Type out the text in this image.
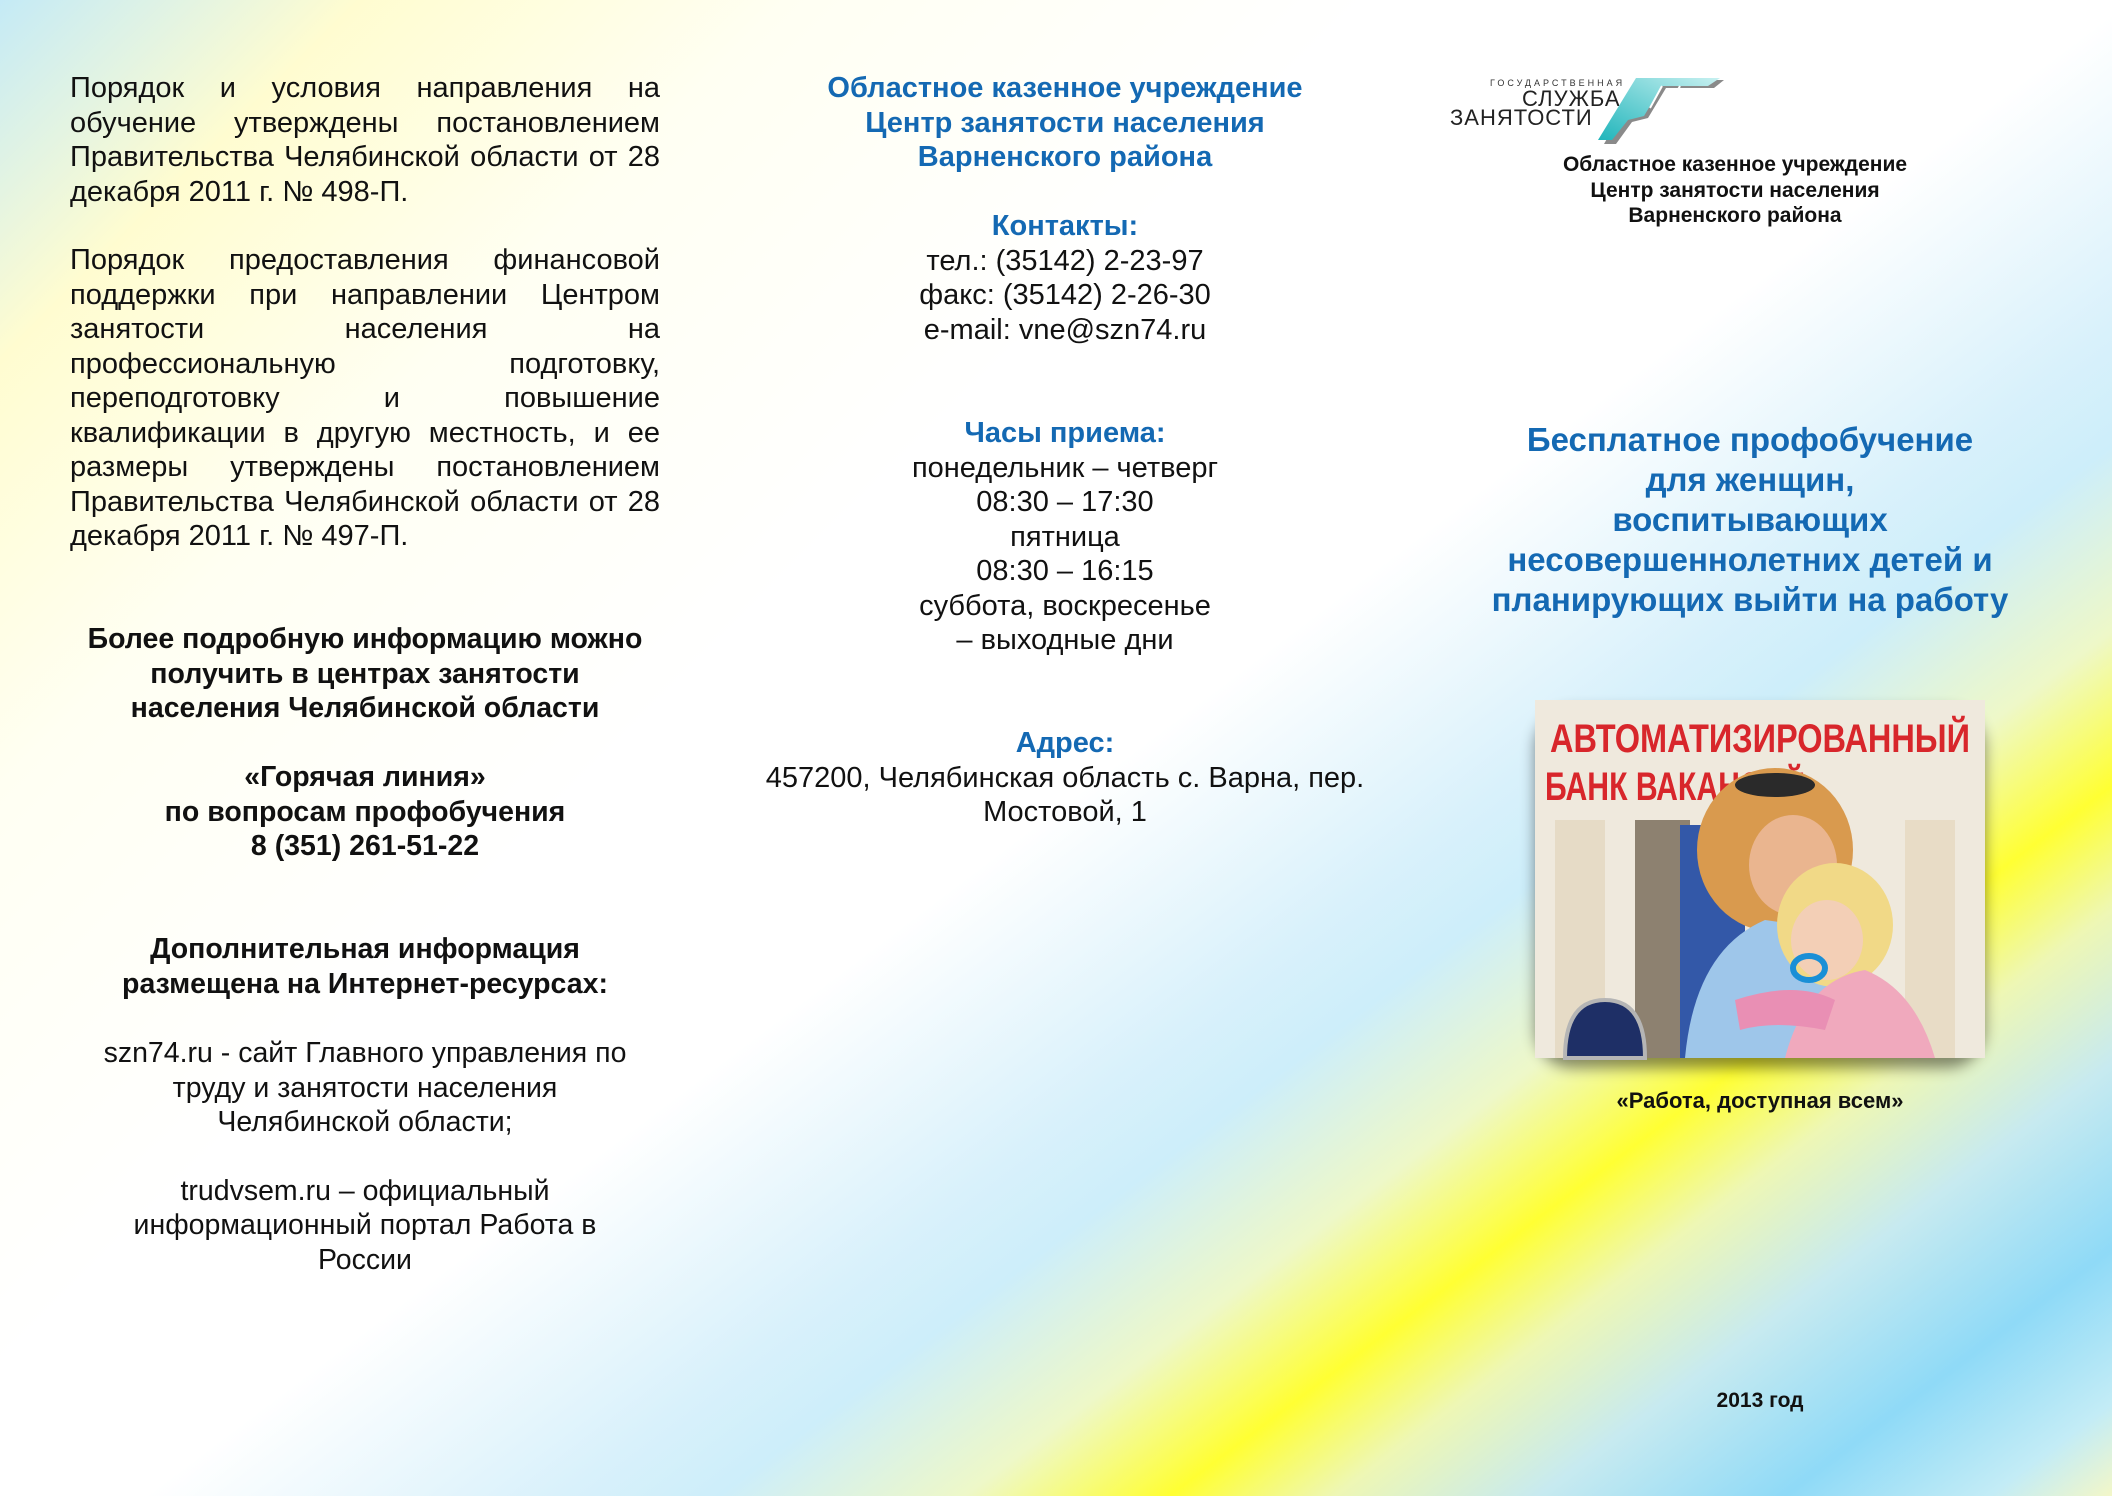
Порядок и условия направления на обучение утверждены постановлением Правительства Челябинской области от 28 декабря 2011 г. № 498-П.

Порядок предоставления финансовой поддержки при направлении Центром занятости населения на профессиональную подготовку, переподготовку и повышение квалификации в другую местность, и ее размеры утверждены постановлением Правительства Челябинской области от 28 декабря 2011 г. № 497-П.

Более подробную информацию можно
получить в центрах занятости
населения Челябинской области
«Горячая линия»
по вопросам профобучения
8 (351) 261-51-22
Дополнительная информация
размещена на Интернет-ресурсах:
szn74.ru - сайт Главного управления по труду и занятости населения Челябинской области;
trudvsem.ru – официальный информационный портал Работа в России
Областное казенное учреждение
Центр занятости населения
Варненского района
Контакты:
тел.: (35142) 2-23-97
факс: (35142) 2-26-30
e-mail: vne@szn74.ru
Часы приема:
понедельник – четверг
08:30 – 17:30
пятница
08:30 – 16:15
суббота, воскресенье
– выходные дни
Адрес:
457200, Челябинская область с. Варна, пер.
Мостовой, 1
ГОСУДАРСТВЕННАЯ
СЛУЖБА
ЗАНЯТОСТИ
Областное казенное учреждение
Центр занятости населения
Варненского района
Бесплатное профобучение
для женщин,
воспитывающих
несовершеннолетних детей и
планирующих выйти на работу
АВТОМАТИЗИРОВАННЫЙ
БАНК ВАКАНСИЙ
«Работа, доступная всем»
2013 год
